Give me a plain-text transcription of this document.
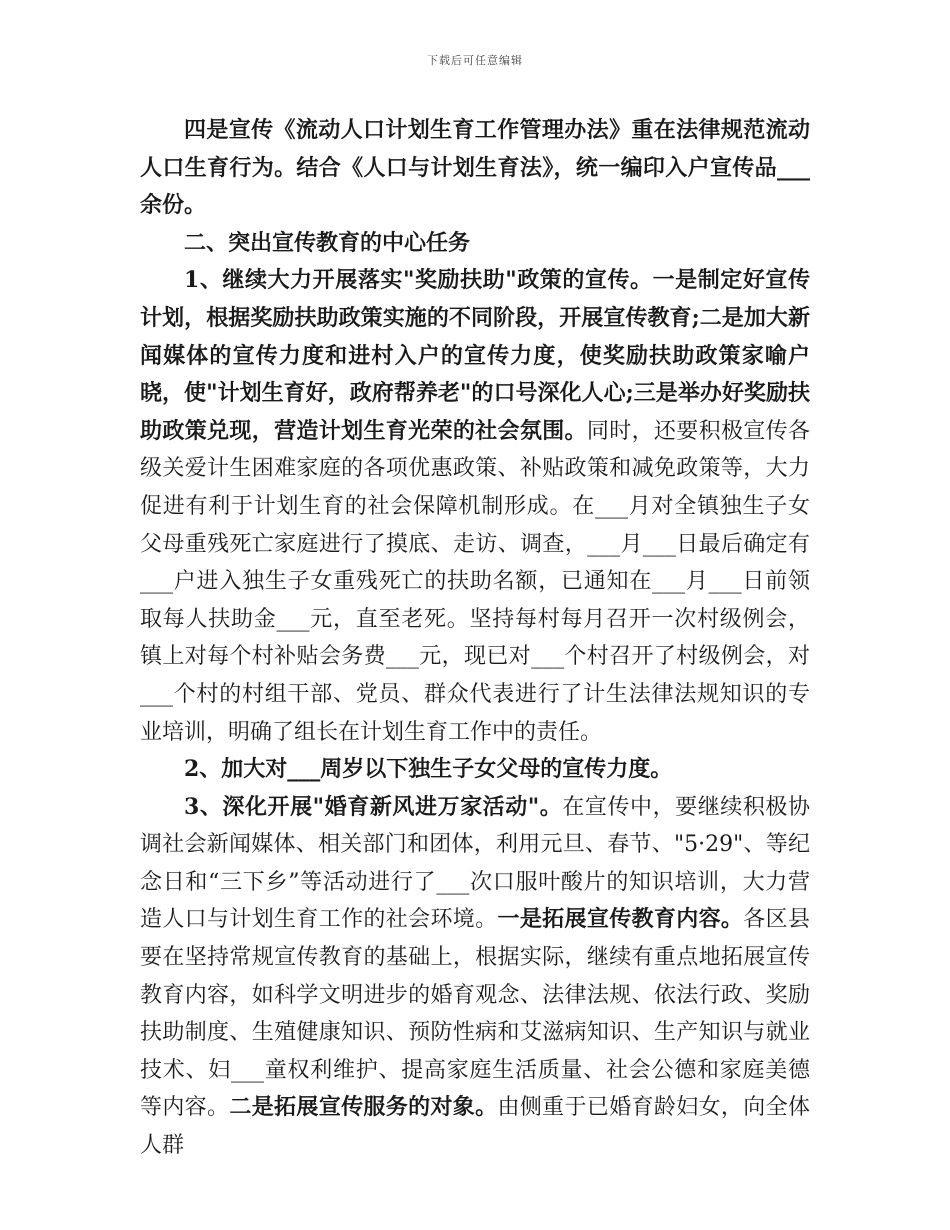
下载后可任意编辑

四是宣传《流动人口计划生育工作管理办法》重在法律规范流动人口生育行为。结合《人口与计划生育法》，统一编印入户宣传品___余份。

二、突出宣传教育的中心任务

1、继续大力开展落实"奖励扶助"政策的宣传。一是制定好宣传计划，根据奖励扶助政策实施的不同阶段，开展宣传教育;二是加大新闻媒体的宣传力度和进村入户的宣传力度，使奖励扶助政策家喻户晓，使"计划生育好，政府帮养老"的口号深化人心;三是举办好奖励扶助政策兑现，营造计划生育光荣的社会氛围。同时，还要积极宣传各级关爱计生困难家庭的各项优惠政策、补贴政策和减免政策等，大力促进有利于计划生育的社会保障机制形成。在___月对全镇独生子女父母重残死亡家庭进行了摸底、走访、调查，___月___日最后确定有___户进入独生子女重残死亡的扶助名额，已通知在___月___日前领取每人扶助金___元，直至老死。坚持每村每月召开一次村级例会，镇上对每个村补贴会务费___元，现已对___个村召开了村级例会，对___个村的村组干部、党员、群众代表进行了计生法律法规知识的专业培训，明确了组长在计划生育工作中的责任。

2、加大对___周岁以下独生子女父母的宣传力度。

3、深化开展"婚育新风进万家活动"。在宣传中，要继续积极协调社会新闻媒体、相关部门和团体，利用元旦、春节、"5·29"、等纪念日和“三下乡”等活动进行了___次口服叶酸片的知识培训，大力营造人口与计划生育工作的社会环境。一是拓展宣传教育内容。各区县要在坚持常规宣传教育的基础上，根据实际，继续有重点地拓展宣传教育内容，如科学文明进步的婚育观念、法律法规、依法行政、奖励扶助制度、生殖健康知识、预防性病和艾滋病知识、生产知识与就业技术、妇___童权利维护、提高家庭生活质量、社会公德和家庭美德等内容。二是拓展宣传服务的对象。由侧重于已婚育龄妇女，向全体人群
